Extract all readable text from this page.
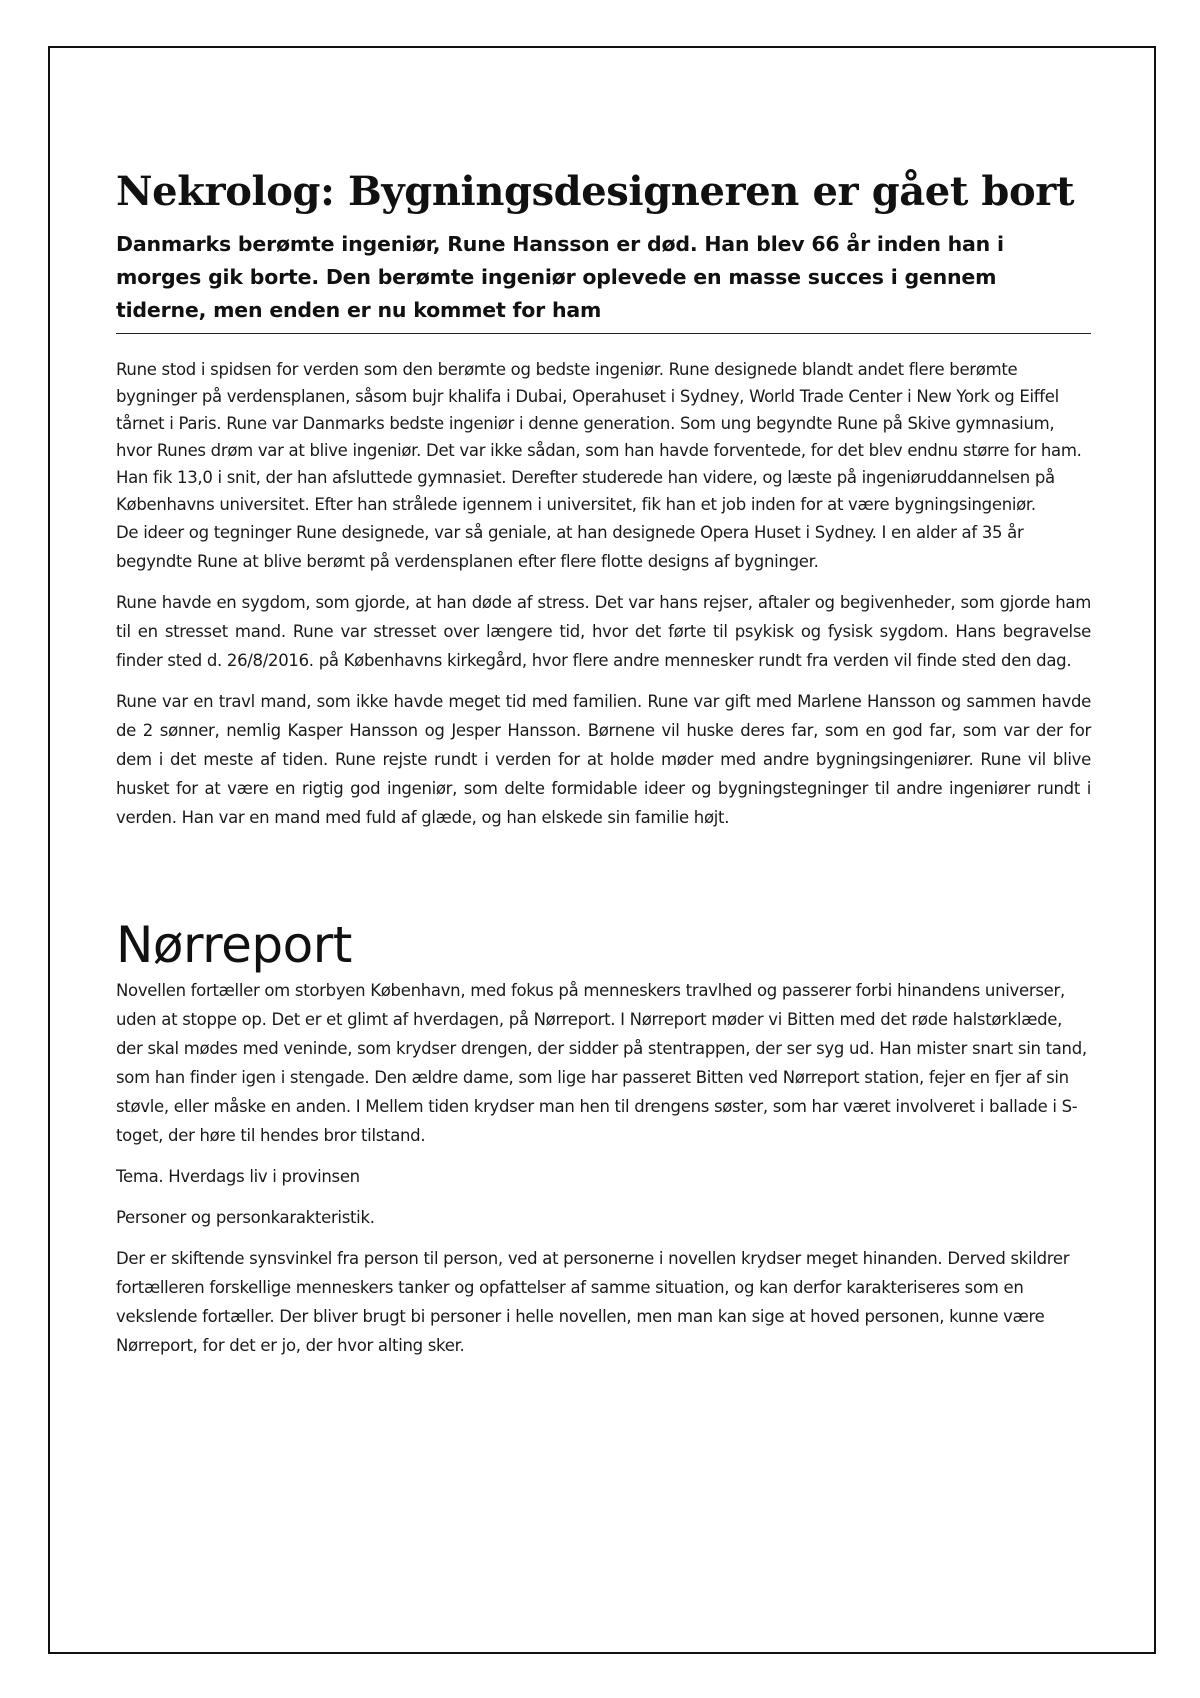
Nekrolog: Bygningsdesigneren er gået bort

Danmarks berømte ingeniør, Rune Hansson er død. Han blev 66 år inden han i morges gik borte. Den berømte ingeniør oplevede en masse succes i gennem tiderne, men enden er nu kommet for ham

Rune stod i spidsen for verden som den berømte og bedste ingeniør. Rune designede blandt andet flere berømte bygninger på verdensplanen, såsom bujr khalifa i Dubai, Operahuset i Sydney, World Trade Center i New York og Eiffel tårnet i Paris. Rune var Danmarks bedste ingeniør i denne generation. Som ung begyndte Rune på Skive gymnasium, hvor Runes drøm var at blive ingeniør. Det var ikke sådan, som han havde forventede, for det blev endnu større for ham. Han fik 13,0 i snit, der han afsluttede gymnasiet. Derefter studerede han videre, og læste på ingeniøruddannelsen på Københavns universitet. Efter han strålede igennem i universitet, fik han et job inden for at være bygningsingeniør.

De ideer og tegninger Rune designede, var så geniale, at han designede Opera Huset i Sydney. I en alder af 35 år begyndte Rune at blive berømt på verdensplanen efter flere flotte designs af bygninger.

Rune havde en sygdom, som gjorde, at han døde af stress. Det var hans rejser, aftaler og begivenheder, som gjorde ham til en stresset mand. Rune var stresset over længere tid, hvor det førte til psykisk og fysisk sygdom. Hans begravelse finder sted d. 26/8/2016. på Københavns kirkegård, hvor flere andre mennesker rundt fra verden vil finde sted den dag.

Rune var en travl mand, som ikke havde meget tid med familien. Rune var gift med Marlene Hansson og sammen havde de 2 sønner, nemlig Kasper Hansson og Jesper Hansson. Børnene vil huske deres far, som en god far, som var der for dem i det meste af tiden. Rune rejste rundt i verden for at holde møder med andre bygningsingeniører. Rune vil blive husket for at være en rigtig god ingeniør, som delte formidable ideer og bygningstegninger til andre ingeniører rundt i verden. Han var en mand med fuld af glæde, og han elskede sin familie højt.

Nørreport

Novellen fortæller om storbyen København, med fokus på menneskers travlhed og passerer forbi hinandens universer, uden at stoppe op. Det er et glimt af hverdagen, på Nørreport. I Nørreport møder vi Bitten med det røde halstørklæde, der skal mødes med veninde, som krydser drengen, der sidder på stentrappen, der ser syg ud. Han mister snart sin tand, som han finder igen i stengade. Den ældre dame, som lige har passeret Bitten ved Nørreport station, fejer en fjer af sin støvle, eller måske en anden. I Mellem tiden krydser man hen til drengens søster, som har været involveret i ballade i S-toget, der høre til hendes bror tilstand.

Tema. Hverdags liv i provinsen

Personer og personkarakteristik.

Der er skiftende synsvinkel fra person til person, ved at personerne i novellen krydser meget hinanden. Derved skildrer fortælleren forskellige menneskers tanker og opfattelser af samme situation, og kan derfor karakteriseres som en vekslende fortæller. Der bliver brugt bi personer i helle novellen, men man kan sige at hoved personen, kunne være Nørreport, for det er jo, der hvor alting sker.
